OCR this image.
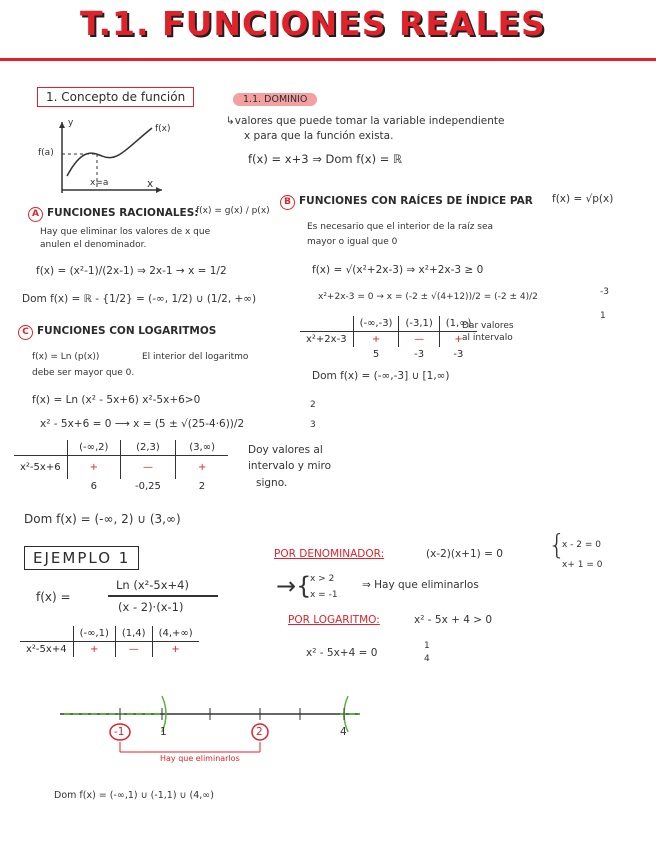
T.1. FUNCIONES REALES
1. Concepto de función
y
f(x)
f(a)
x=a	x
1.1. DOMINIO
↳valores que puede tomar la variable independiente
x para que la función exista.
f(x) = x+3 ⇒ Dom f(x) = ℝ
A FUNCIONES RACIONALES:
f(x) = g(x) / p(x)
Hay que eliminar los valores de x que
anulen el denominador.
f(x) = (x²-1)/(2x-1) ⇒ 2x-1 → x = 1/2
Dom f(x) = ℝ - {1/2} = (-∞, 1/2) ∪ (1/2, +∞)
B FUNCIONES CON RAÍCES DE ÍNDICE PAR f(x) = √p(x)
Es necesario que el interior de la raíz sea
mayor o igual que 0
f(x) = √(x²+2x-3) ⇒ x²+2x-3 ≥ 0
x²+2x-3 = 0 → x = (-2 ± √(4+12))/2 = (-2 ± 4)/2	-3
1
	(-∞,-3)	(-3,1)	(1,∞)
x²+2x-3	+	—	+
	5	-3	-3
Dar valores
al intervalo
Dom f(x) = (-∞,-3] ∪ [1,∞)
C FUNCIONES CON LOGARITMOS
f(x) = Ln (p(x))	El interior del logaritmo
debe ser mayor que 0.
f(x) = Ln (x² - 5x+6) x²-5x+6>0
x² - 5x+6 = 0 ⟶ x = (5 ± √(25-4·6))/2
2
3
	(-∞,2)	(2,3)	(3,∞)
x²-5x+6	+	—	+
	6	-0,25	2
Doy valores al
intervalo y miro
signo.
Dom f(x) = (-∞, 2) ∪ (3,∞)
EJEMPLO 1
f(x) =
Ln (x²-5x+4)
(x - 2)·(x-1)
POR DENOMINADOR:	(x-2)(x+1) = 0 {
x - 2 = 0
x+ 1 = 0
→{
x > 2
x = -1
⇒ Hay que eliminarlos
POR LOGARITMO:	x² - 5x + 4 > 0
x² - 5x+4 = 0
1
4
	(-∞,1)	(1,4)	(4,+∞)
x²-5x+4	+	—	+
-1	1	2	4
Hay que eliminarlos
Dom f(x) = (-∞,1) ∪ (-1,1) ∪ (4,∞)
